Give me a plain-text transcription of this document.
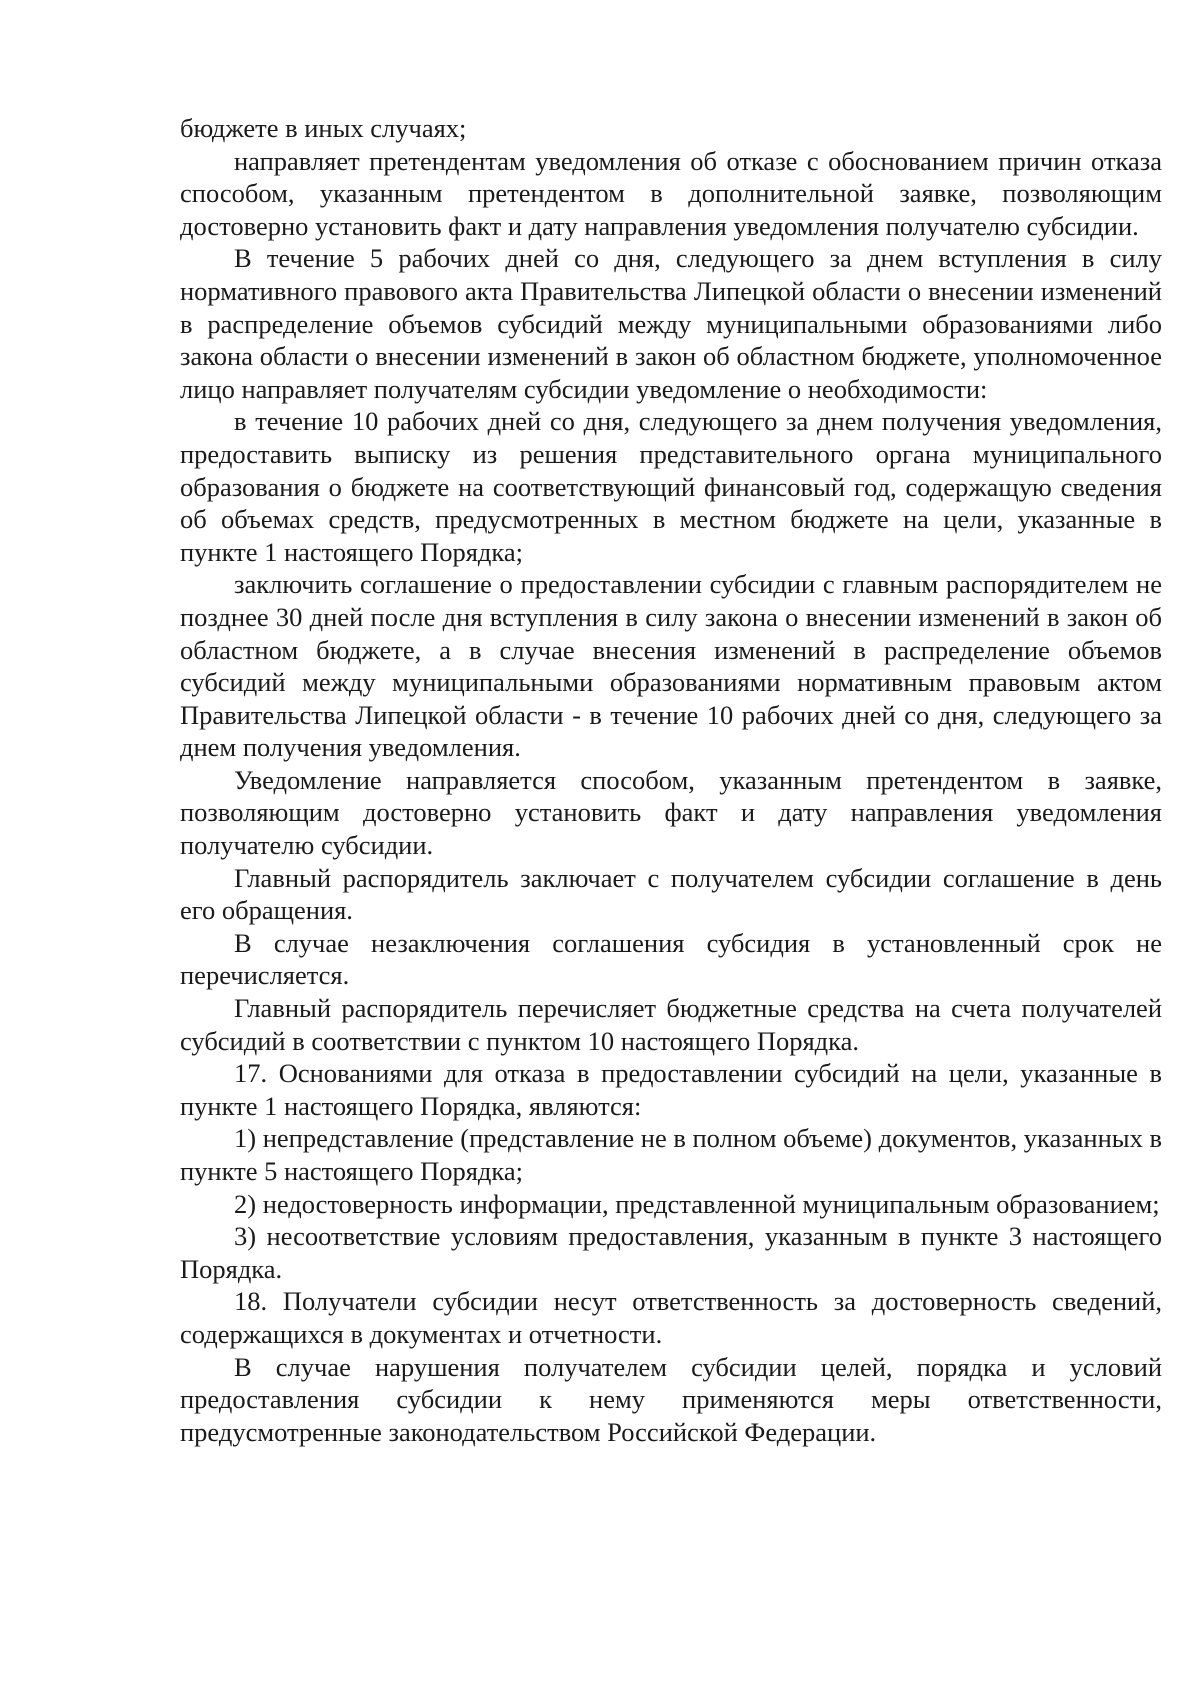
бюджете в иных случаях;

направляет претендентам уведомления об отказе с обоснованием причин отказа способом, указанным претендентом в дополнительной заявке, позволяющим достоверно установить факт и дату направления уведомления получателю субсидии.

В течение 5 рабочих дней со дня, следующего за днем вступления в силу нормативного правового акта Правительства Липецкой области о внесении изменений в распределение объемов субсидий между муниципальными образованиями либо закона области о внесении изменений в закон об областном бюджете, уполномоченное лицо направляет получателям субсидии уведомление о необходимости:

в течение 10 рабочих дней со дня, следующего за днем получения уведомления, предоставить выписку из решения представительного органа муниципального образования о бюджете на соответствующий финансовый год, содержащую сведения об объемах средств, предусмотренных в местном бюджете на цели, указанные в пункте 1 настоящего Порядка;

заключить соглашение о предоставлении субсидии с главным распорядителем не позднее 30 дней после дня вступления в силу закона о внесении изменений в закон об областном бюджете, а в случае внесения изменений в распределение объемов субсидий между муниципальными образованиями нормативным правовым актом Правительства Липецкой области - в течение 10 рабочих дней со дня, следующего за днем получения уведомления.

Уведомление направляется способом, указанным претендентом в заявке, позволяющим достоверно установить факт и дату направления уведомления получателю субсидии.

Главный распорядитель заключает с получателем субсидии соглашение в день его обращения.

В случае незаключения соглашения субсидия в установленный срок не перечисляется.

Главный распорядитель перечисляет бюджетные средства на счета получателей субсидий в соответствии с пунктом 10 настоящего Порядка.

17. Основаниями для отказа в предоставлении субсидий на цели, указанные в пункте 1 настоящего Порядка, являются:

1) непредставление (представление не в полном объеме) документов, указанных в пункте 5 настоящего Порядка;

2) недостоверность информации, представленной муниципальным образованием;

3) несоответствие условиям предоставления, указанным в пункте 3 настоящего Порядка.

18. Получатели субсидии несут ответственность за достоверность сведений, содержащихся в документах и отчетности.

В случае нарушения получателем субсидии целей, порядка и условий предоставления субсидии к нему применяются меры ответственности, предусмотренные законодательством Российской Федерации.
